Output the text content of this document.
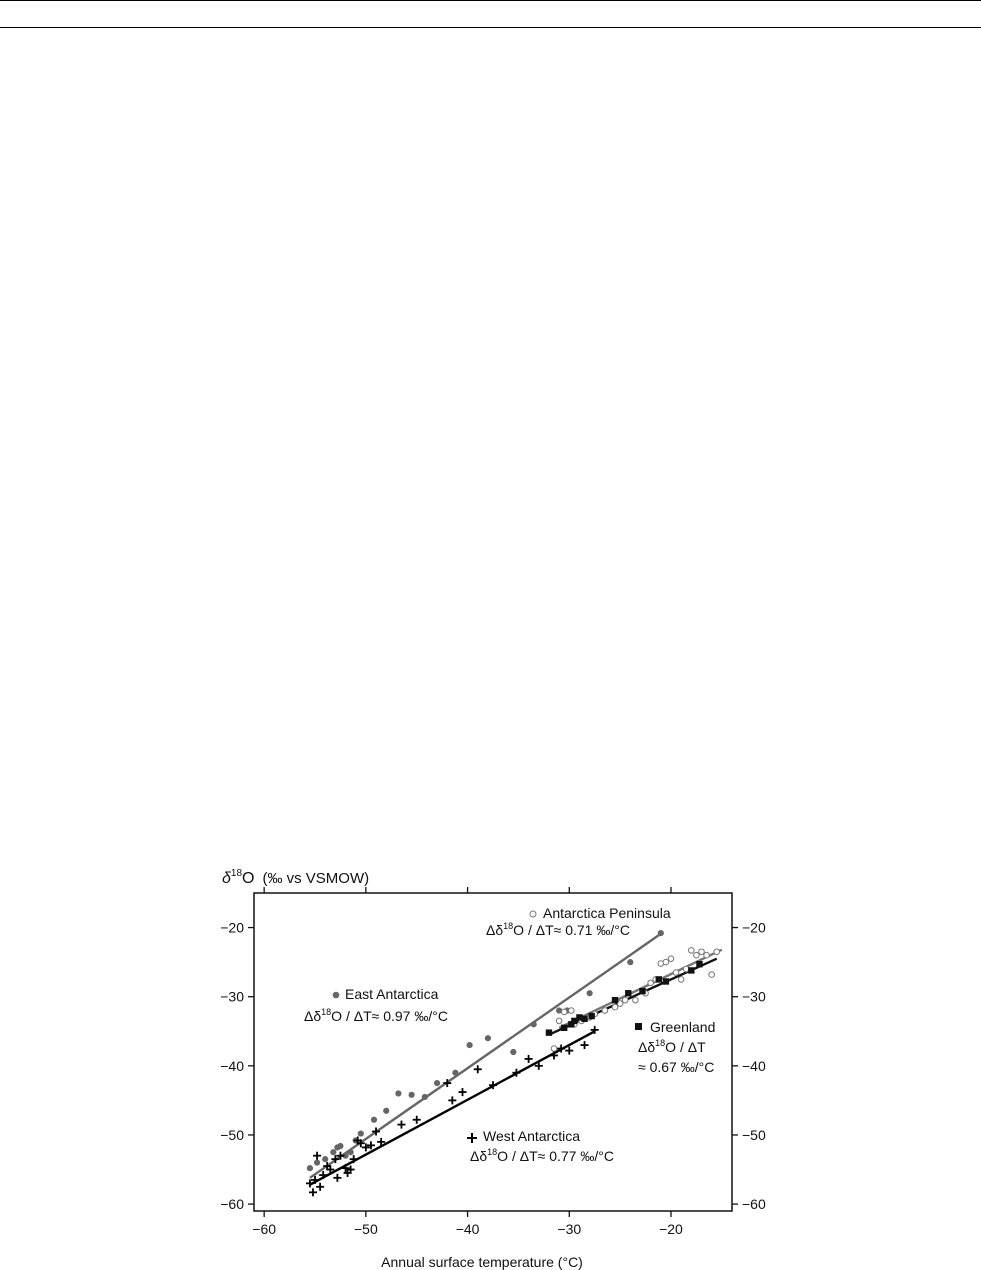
$\delta^{18}O$ (‰ vs VSMOW)
−60	−50	−40	−30	−20
−60	−60
−50	−50
−40	−40
−30	−30
−20	−20
Annual surface temperature (°C)
East Antarctica
$\Delta\delta^{18}O / \Delta T\approx 0.97$ ‰/°C
Antarctica Peninsula
$\Delta\delta^{18}O / \Delta T\approx 0.71$ ‰/°C
Greenland
$\Delta\delta^{18}O$ / ΔT
≈ 0.67 ‰/°C
West Antarctica
$\Delta\delta^{18}O / \Delta T\approx 0.77$ ‰/°C
